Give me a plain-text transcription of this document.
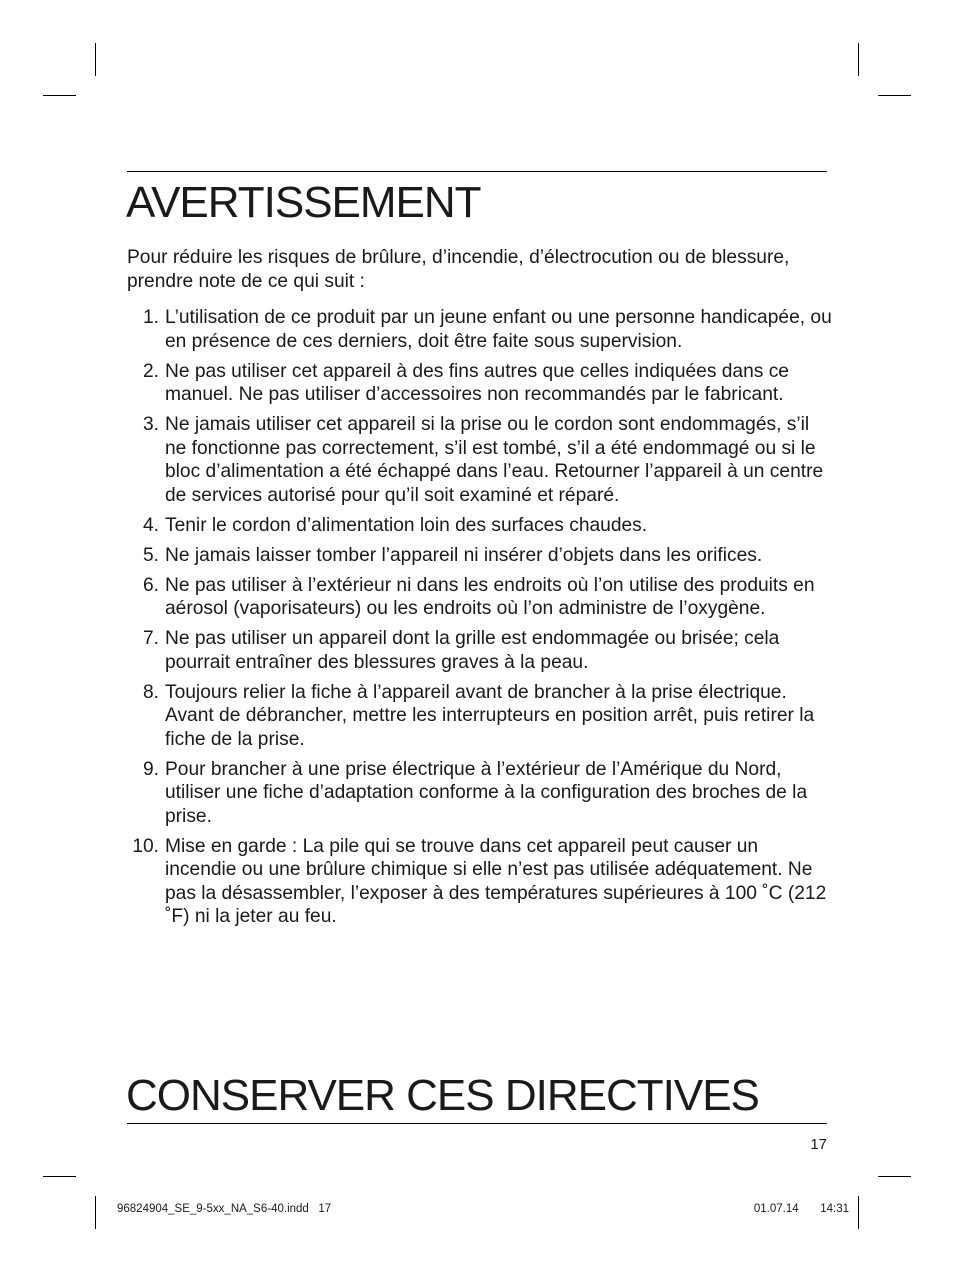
AVERTISSEMENT

Pour réduire les risques de brûlure, d’incendie, d’électrocution ou de blessure, prendre note de ce qui suit :

1. L’utilisation de ce produit par un jeune enfant ou une personne handicapée, ou en présence de ces derniers, doit être faite sous supervision.
2. Ne pas utiliser cet appareil à des fins autres que celles indiquées dans ce manuel. Ne pas utiliser d’accessoires non recommandés par le fabricant.
3. Ne jamais utiliser cet appareil si la prise ou le cordon sont endommagés, s’il ne fonctionne pas correctement, s’il est tombé, s’il a été endommagé ou si le bloc d’alimentation a été échappé dans l’eau. Retourner l’appareil à un centre de services autorisé pour qu’il soit examiné et réparé.
4. Tenir le cordon d’alimentation loin des surfaces chaudes.
5. Ne jamais laisser tomber l’appareil ni insérer d’objets dans les orifices.
6. Ne pas utiliser à l’extérieur ni dans les endroits où l’on utilise des produits en aérosol (vaporisateurs) ou les endroits où l’on administre de l’oxygène.
7. Ne pas utiliser un appareil dont la grille est endommagée ou brisée; cela pourrait entraîner des blessures graves à la peau.
8. Toujours relier la fiche à l’appareil avant de brancher à la prise électrique. Avant de débrancher, mettre les interrupteurs en position arrêt, puis retirer la fiche de la prise.
9. Pour brancher à une prise électrique à l’extérieur de l’Amérique du Nord, utiliser une fiche d’adaptation conforme à la configuration des broches de la prise.
10. Mise en garde : La pile qui se trouve dans cet appareil peut causer un incendie ou une brûlure chimique si elle n’est pas utilisée adéquatement. Ne pas la désassembler, l’exposer à des températures supérieures à 100 ˚C (212 ˚F) ni la jeter au feu.
CONSERVER CES DIRECTIVES
17
96824904_SE_9-5xx_NA_S6-40.indd   17	01.07.14   14:31
